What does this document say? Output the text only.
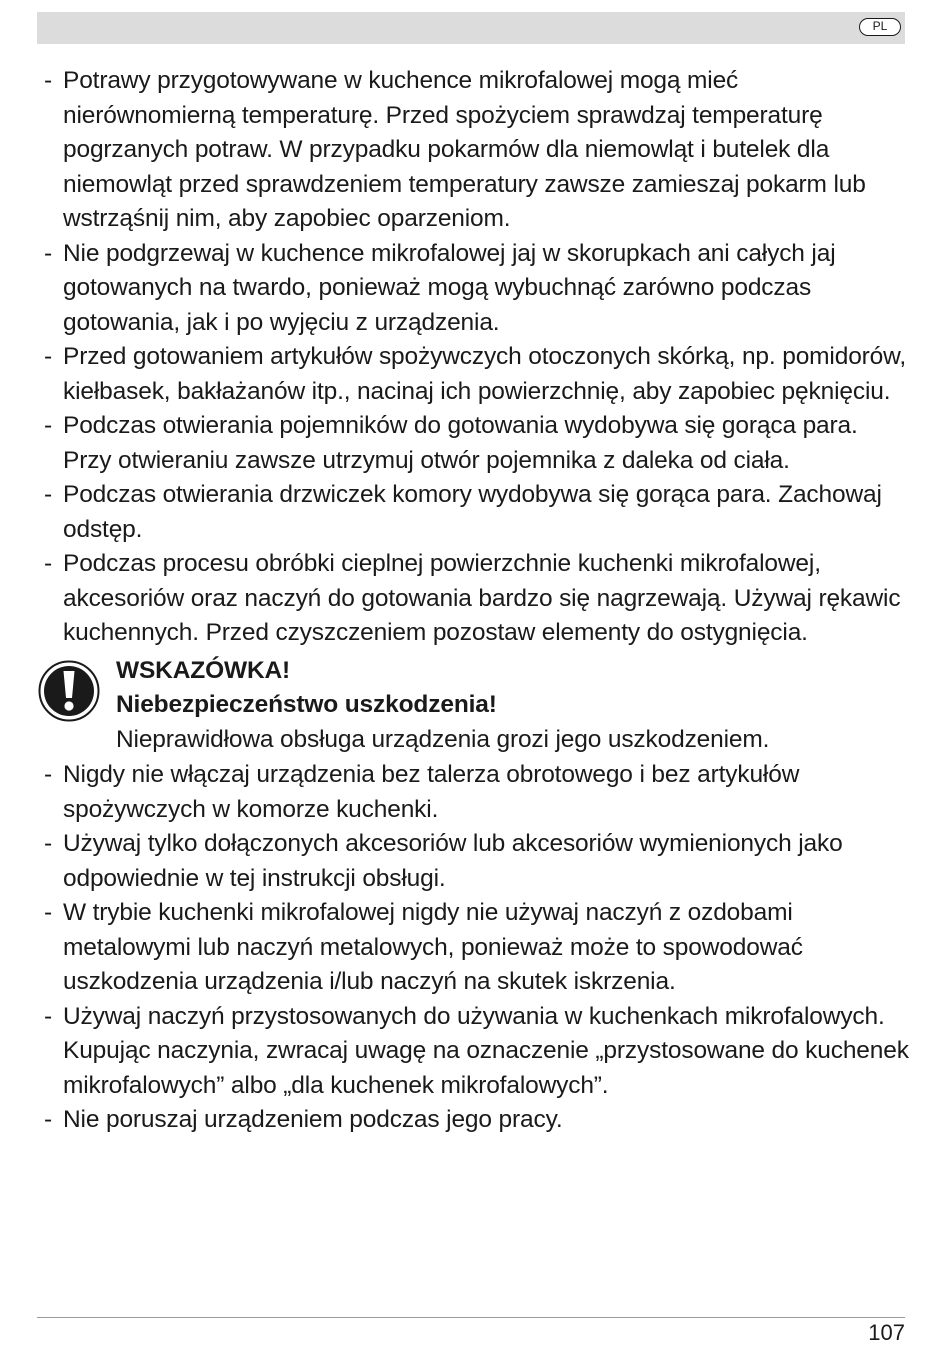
PL

- Potrawy przygotowywane w kuchence mikrofalowej mogą mieć nierównomierną temperaturę. Przed spożyciem sprawdzaj temperaturę pogrzanych potraw. W przypadku pokarmów dla niemowląt i butelek dla niemowląt przed sprawdzeniem temperatury zawsze zamieszaj pokarm lub wstrząśnij nim, aby zapobiec oparzeniom.

- Nie podgrzewaj w kuchence mikrofalowej jaj w skorupkach ani całych jaj gotowanych na twardo, ponieważ mogą wybuchnąć zarówno podczas gotowania, jak i po wyjęciu z urządzenia.

- Przed gotowaniem artykułów spożywczych otoczonych skórką, np. pomidorów, kiełbasek, bakłażanów itp., nacinaj ich powierzchnię, aby zapobiec pęknięciu.

- Podczas otwierania pojemników do gotowania wydobywa się gorąca para. Przy otwieraniu zawsze utrzymuj otwór pojemnika z daleka od ciała.

- Podczas otwierania drzwiczek komory wydobywa się gorąca para. Zachowaj odstęp.

- Podczas procesu obróbki cieplnej powierzchnie kuchenki mikrofalowej, akcesoriów oraz naczyń do gotowania bardzo się nagrzewają. Używaj rękawic kuchennych. Przed czyszczeniem pozostaw elementy do ostygnięcia.

WSKAZÓWKA!

Niebezpieczeństwo uszkodzenia!

Nieprawidłowa obsługa urządzenia grozi jego uszkodzeniem.

- Nigdy nie włączaj urządzenia bez talerza obrotowego i bez artykułów spożywczych w komorze kuchenki.

- Używaj tylko dołączonych akcesoriów lub akcesoriów wymienionych jako odpowiednie w tej instrukcji obsługi.

- W trybie kuchenki mikrofalowej nigdy nie używaj naczyń z ozdobami metalowymi lub naczyń metalowych, ponieważ może to spowodować uszkodzenia urządzenia i/lub naczyń na skutek iskrzenia.

- Używaj naczyń przystosowanych do używania w kuchenkach mikrofalowych. Kupując naczynia, zwracaj uwagę na oznaczenie „przystosowane do kuchenek mikrofalowych” albo „dla kuchenek mikrofalowych”.

- Nie poruszaj urządzeniem podczas jego pracy.

107
